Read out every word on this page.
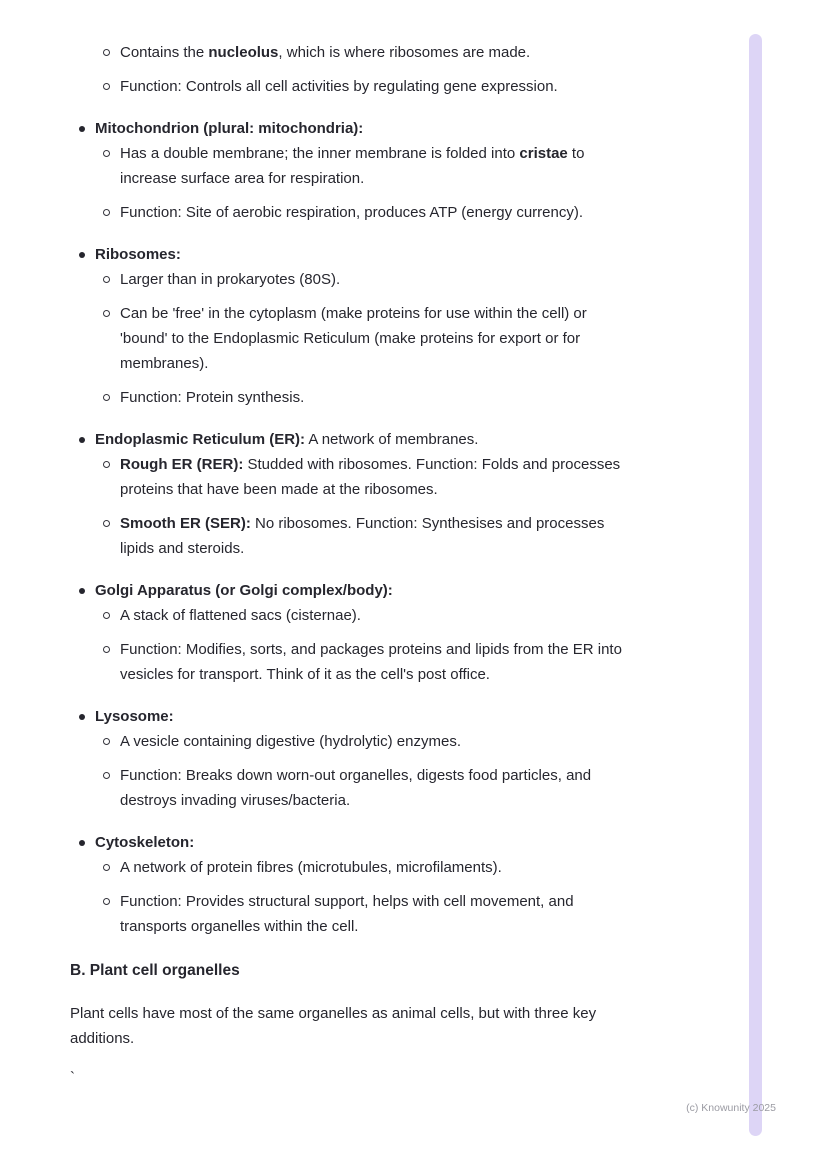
Contains the nucleolus, which is where ribosomes are made.
Function: Controls all cell activities by regulating gene expression.
Mitochondrion (plural: mitochondria):
Has a double membrane; the inner membrane is folded into cristae to increase surface area for respiration.
Function: Site of aerobic respiration, produces ATP (energy currency).
Ribosomes:
Larger than in prokaryotes (80S).
Can be 'free' in the cytoplasm (make proteins for use within the cell) or 'bound' to the Endoplasmic Reticulum (make proteins for export or for membranes).
Function: Protein synthesis.
Endoplasmic Reticulum (ER): A network of membranes.
Rough ER (RER): Studded with ribosomes. Function: Folds and processes proteins that have been made at the ribosomes.
Smooth ER (SER): No ribosomes. Function: Synthesises and processes lipids and steroids.
Golgi Apparatus (or Golgi complex/body):
A stack of flattened sacs (cisternae).
Function: Modifies, sorts, and packages proteins and lipids from the ER into vesicles for transport. Think of it as the cell's post office.
Lysosome:
A vesicle containing digestive (hydrolytic) enzymes.
Function: Breaks down worn-out organelles, digests food particles, and destroys invading viruses/bacteria.
Cytoskeleton:
A network of protein fibres (microtubules, microfilaments).
Function: Provides structural support, helps with cell movement, and transports organelles within the cell.
B. Plant cell organelles
Plant cells have most of the same organelles as animal cells, but with three key additions.
`
(c) Knowunity 2025
